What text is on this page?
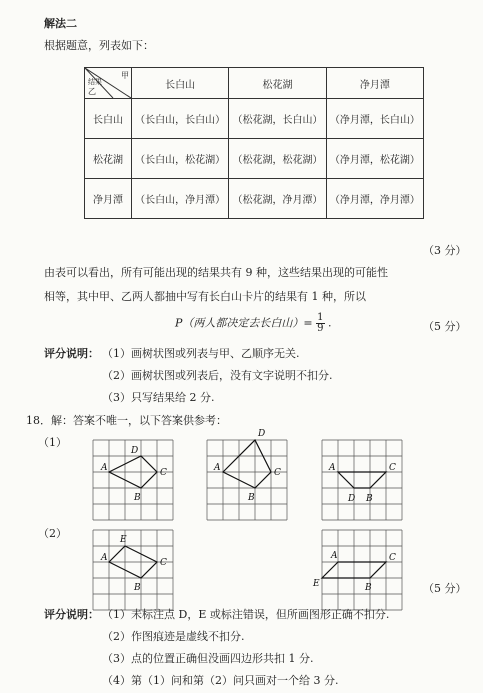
解法二
根据题意，列表如下：
甲
结果
乙	长白山	松花湖	净月潭
长白山	（长白山，长白山）	（松花湖，长白山）	（净月潭，长白山）
松花湖	（长白山，松花湖）	（松花湖，松花湖）	（净月潭，松花湖）
净月潭	（长白山，净月潭）	（松花湖，净月潭）	（净月潭，净月潭）
（3 分）
由表可以看出，所有可能出现的结果共有 9 种，这些结果出现的可能性
相等，其中甲、乙两人都抽中写有长白山卡片的结果有 1 种，所以
P（两人都决定去长白山）= $\frac{1}{9}$ .	（5 分）
评分说明： （1）画树状图或列表与甲、乙顺序无关.
（2）画树状图或列表后，没有文字说明不扣分.
（3）只写结果给 2 分.
18．解：答案不唯一，以下答案供参考：
（1）
A
D
C
B
A
D
C
B
A	C
D B
（2）
A
E
C
B
A	C
E	B	（5 分）
评分说明： （1）未标注点 D，E 或标注错误，但所画图形正确不扣分.
（2）作图痕迹是虚线不扣分.
（3）点的位置正确但没画四边形共扣 1 分.
（4）第（1）问和第（2）问只画对一个给 3 分.
